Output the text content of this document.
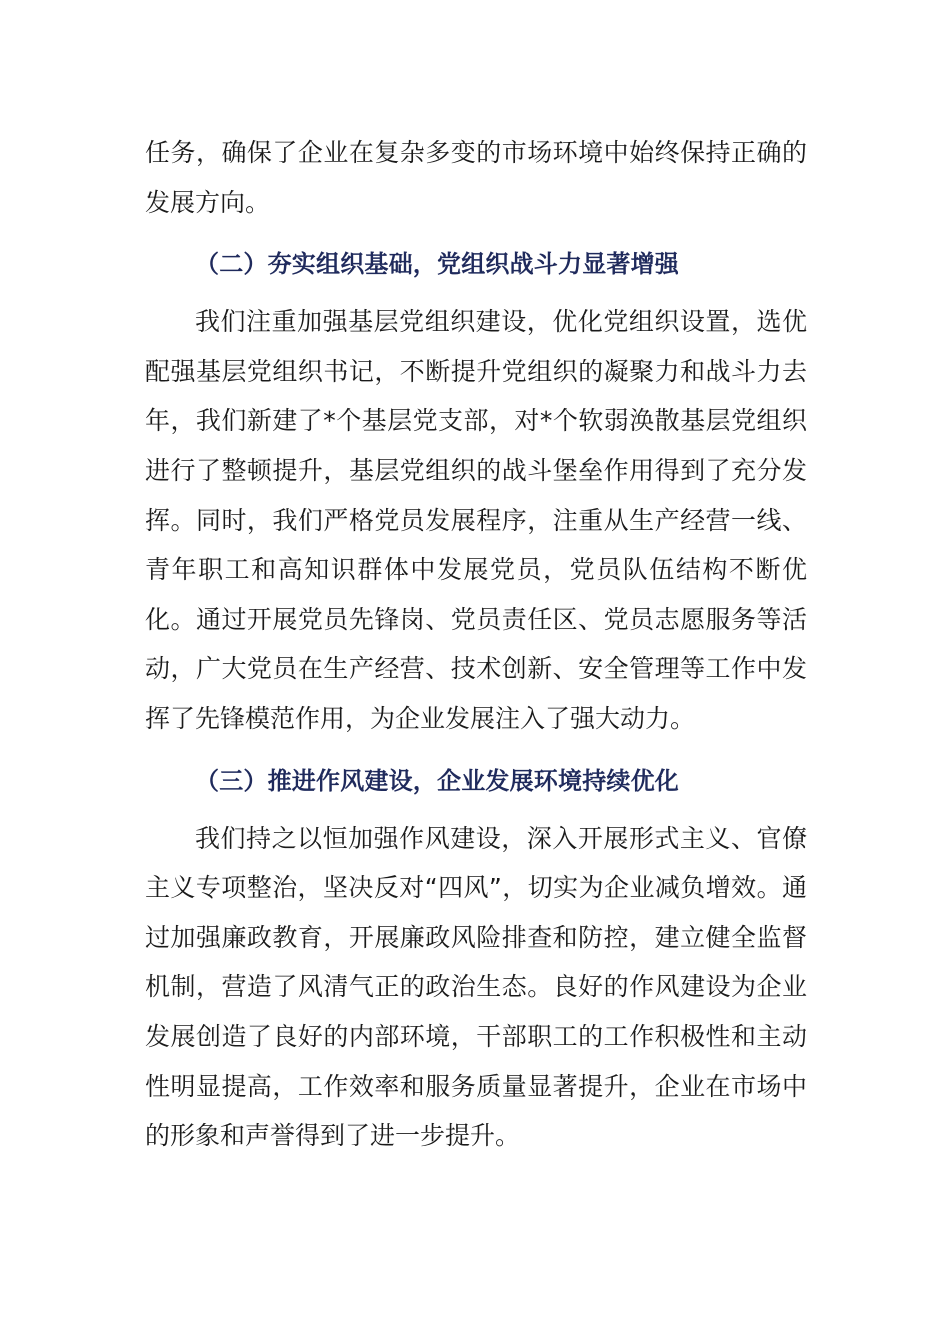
任务，确保了企业在复杂多变的市场环境中始终保持正确的发展方向。

（二）夯实组织基础，党组织战斗力显著增强

我们注重加强基层党组织建设，优化党组织设置，选优配强基层党组织书记，不断提升党组织的凝聚力和战斗力去年，我们新建了*个基层党支部，对*个软弱涣散基层党组织进行了整顿提升，基层党组织的战斗堡垒作用得到了充分发挥。同时，我们严格党员发展程序，注重从生产经营一线、青年职工和高知识群体中发展党员，党员队伍结构不断优化。通过开展党员先锋岗、党员责任区、党员志愿服务等活动，广大党员在生产经营、技术创新、安全管理等工作中发挥了先锋模范作用，为企业发展注入了强大动力。

（三）推进作风建设，企业发展环境持续优化

我们持之以恒加强作风建设，深入开展形式主义、官僚主义专项整治，坚决反对“四风”，切实为企业减负增效。通过加强廉政教育，开展廉政风险排查和防控，建立健全监督机制，营造了风清气正的政治生态。良好的作风建设为企业发展创造了良好的内部环境，干部职工的工作积极性和主动性明显提高，工作效率和服务质量显著提升，企业在市场中的形象和声誉得到了进一步提升。
